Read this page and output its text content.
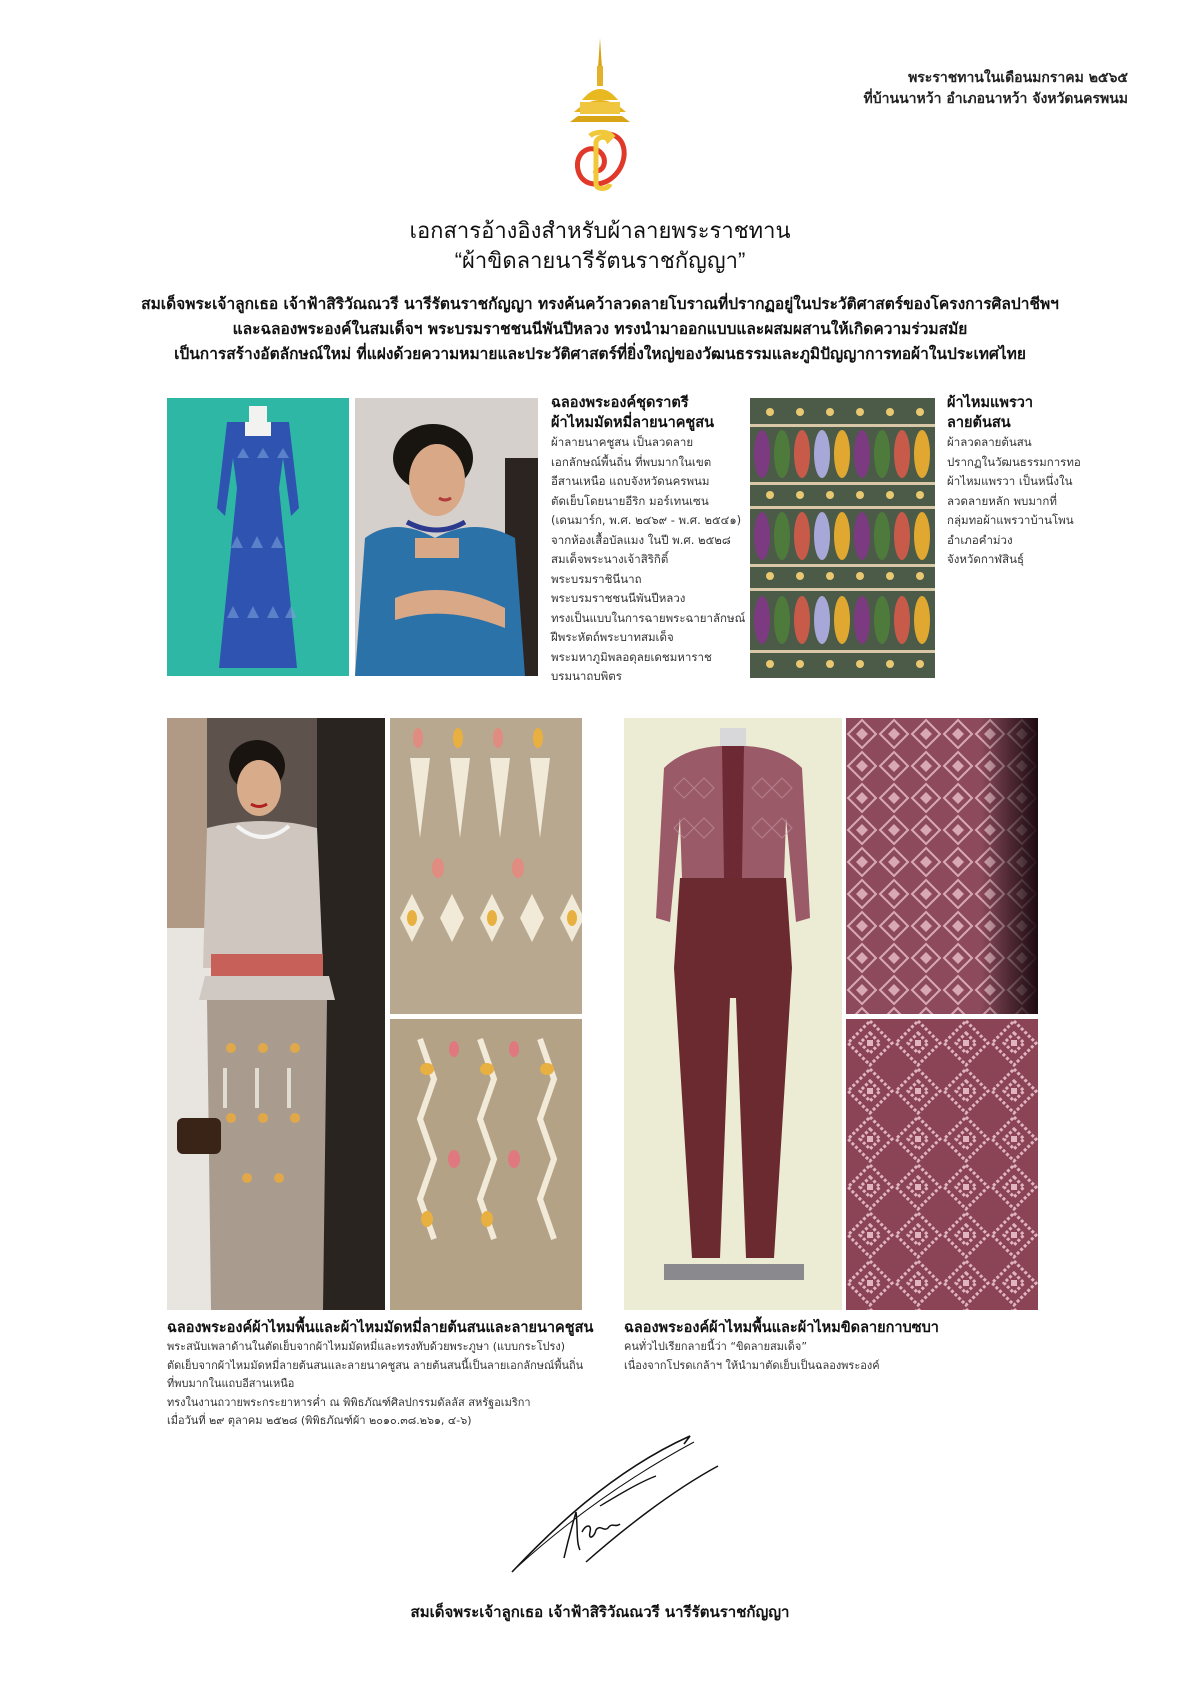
พระราชทานในเดือนมกราคม ๒๕๖๕
ที่บ้านนาหว้า อำเภอนาหว้า จังหวัดนครพนม
เอกสารอ้างอิงสำหรับผ้าลายพระราชทาน
“ผ้าขิดลายนารีรัตนราชกัญญา”
สมเด็จพระเจ้าลูกเธอ เจ้าฟ้าสิริวัณณวรี นารีรัตนราชกัญญา ทรงค้นคว้าลวดลายโบราณที่ปรากฏอยู่ในประวัติศาสตร์ของโครงการศิลปาชีพฯ
และฉลองพระองค์ในสมเด็จฯ พระบรมราชชนนีพันปีหลวง ทรงนำมาออกแบบและผสมผสานให้เกิดความร่วมสมัย
เป็นการสร้างอัตลักษณ์ใหม่ ที่แฝงด้วยความหมายและประวัติศาสตร์ที่ยิ่งใหญ่ของวัฒนธรรมและภูมิปัญญาการทอผ้าในประเทศไทย
ฉลองพระองค์ชุดราตรี
ผ้าไหมมัดหมี่ลายนาคชูสน
ผ้าลายนาคชูสน เป็นลวดลาย
เอกลักษณ์พื้นถิ่น ที่พบมากในเขต
อีสานเหนือ แถบจังหวัดนครพนม
ตัดเย็บโดยนายอีริก มอร์เทนเซน
(เดนมาร์ก, พ.ศ. ๒๔๖๙ - พ.ศ. ๒๕๔๑)
จากห้องเสื้อบัลแมง ในปี พ.ศ. ๒๕๒๘
สมเด็จพระนางเจ้าสิริกิติ์
พระบรมราชินีนาถ
พระบรมราชชนนีพันปีหลวง
ทรงเป็นแบบในการฉายพระฉายาลักษณ์
ฝีพระหัตถ์พระบาทสมเด็จ
พระมหาภูมิพลอดุลยเดชมหาราช
บรมนาถบพิตร
ผ้าไหมแพรวา
ลายต้นสน
ผ้าลวดลายต้นสน
ปรากฏในวัฒนธรรมการทอ
ผ้าไหมแพรวา เป็นหนึ่งใน
ลวดลายหลัก พบมากที่
กลุ่มทอผ้าแพรวาบ้านโพน
อำเภอคำม่วง
จังหวัดกาฬสินธุ์
ฉลองพระองค์ผ้าไหมพื้นและผ้าไหมมัดหมี่ลายต้นสนและลายนาคชูสน
พระสนับเพลาด้านในตัดเย็บจากผ้าไหมมัดหมี่และทรงทับด้วยพระภูษา (แบบกระโปรง)
ตัดเย็บจากผ้าไหมมัดหมี่ลายต้นสนและลายนาคชูสน ลายต้นสนนี้เป็นลายเอกลักษณ์พื้นถิ่น
ที่พบมากในแถบอีสานเหนือ
ทรงในงานถวายพระกระยาหารค่ำ ณ พิพิธภัณฑ์ศิลปกรรมดัลลัส สหรัฐอเมริกา
เมื่อวันที่ ๒๙ ตุลาคม ๒๕๒๘ (พิพิธภัณฑ์ผ้า ๒๐๑๐.๓๘.๒๖๑, ๔-๖)
ฉลองพระองค์ผ้าไหมพื้นและผ้าไหมขิดลายกาบซบา
คนทั่วไปเรียกลายนี้ว่า “ขิดลายสมเด็จ”
เนื่องจากโปรดเกล้าฯ ให้นำมาตัดเย็บเป็นฉลองพระองค์
สมเด็จพระเจ้าลูกเธอ เจ้าฟ้าสิริวัณณวรี นารีรัตนราชกัญญา
